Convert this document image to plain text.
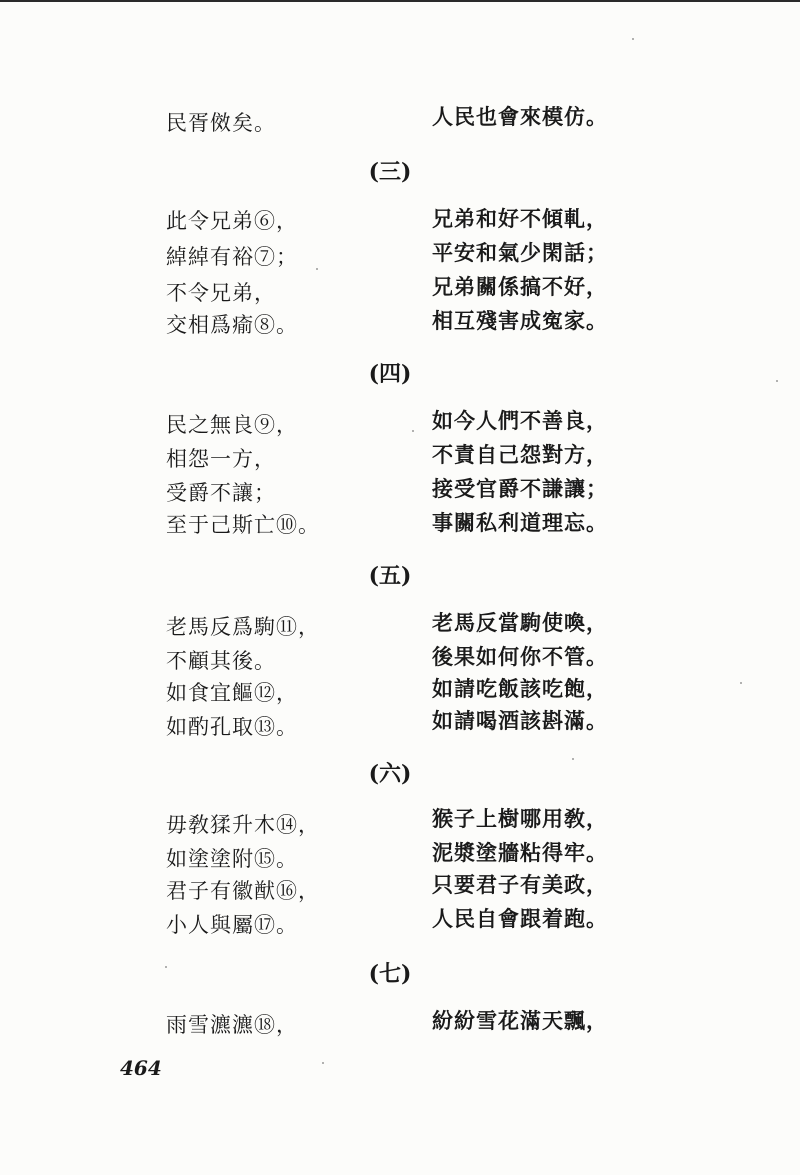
民胥傚矣。	人民也會來模仿。
(三)
此令兄弟⑥，
綽綽有裕⑦；
不令兄弟，
交相爲瘉⑧。
兄弟和好不傾軋，
平安和氣少閑話；
兄弟關係搞不好，
相互殘害成寃家。
(四)
民之無良⑨，
相怨一方，
受爵不讓；
至于己斯亡⑩。
如今人們不善良，
不責自己怨對方，
接受官爵不謙讓；
事關私利道理忘。
(五)
老馬反爲駒⑪，
不顧其後。
如食宜饇⑫，
如酌孔取⑬。
老馬反當駒使喚，
後果如何你不管。
如請吃飯該吃飽，
如請喝酒該斟滿。
(六)
毋敎猱升木⑭，
如塗塗附⑮。
君子有徽猷⑯，
小人與屬⑰。
猴子上樹哪用敎，
泥漿塗牆粘得牢。
只要君子有美政，
人民自會跟着跑。
(七)
雨雪瀌瀌⑱，	紛紛雪花滿天飄，
464
